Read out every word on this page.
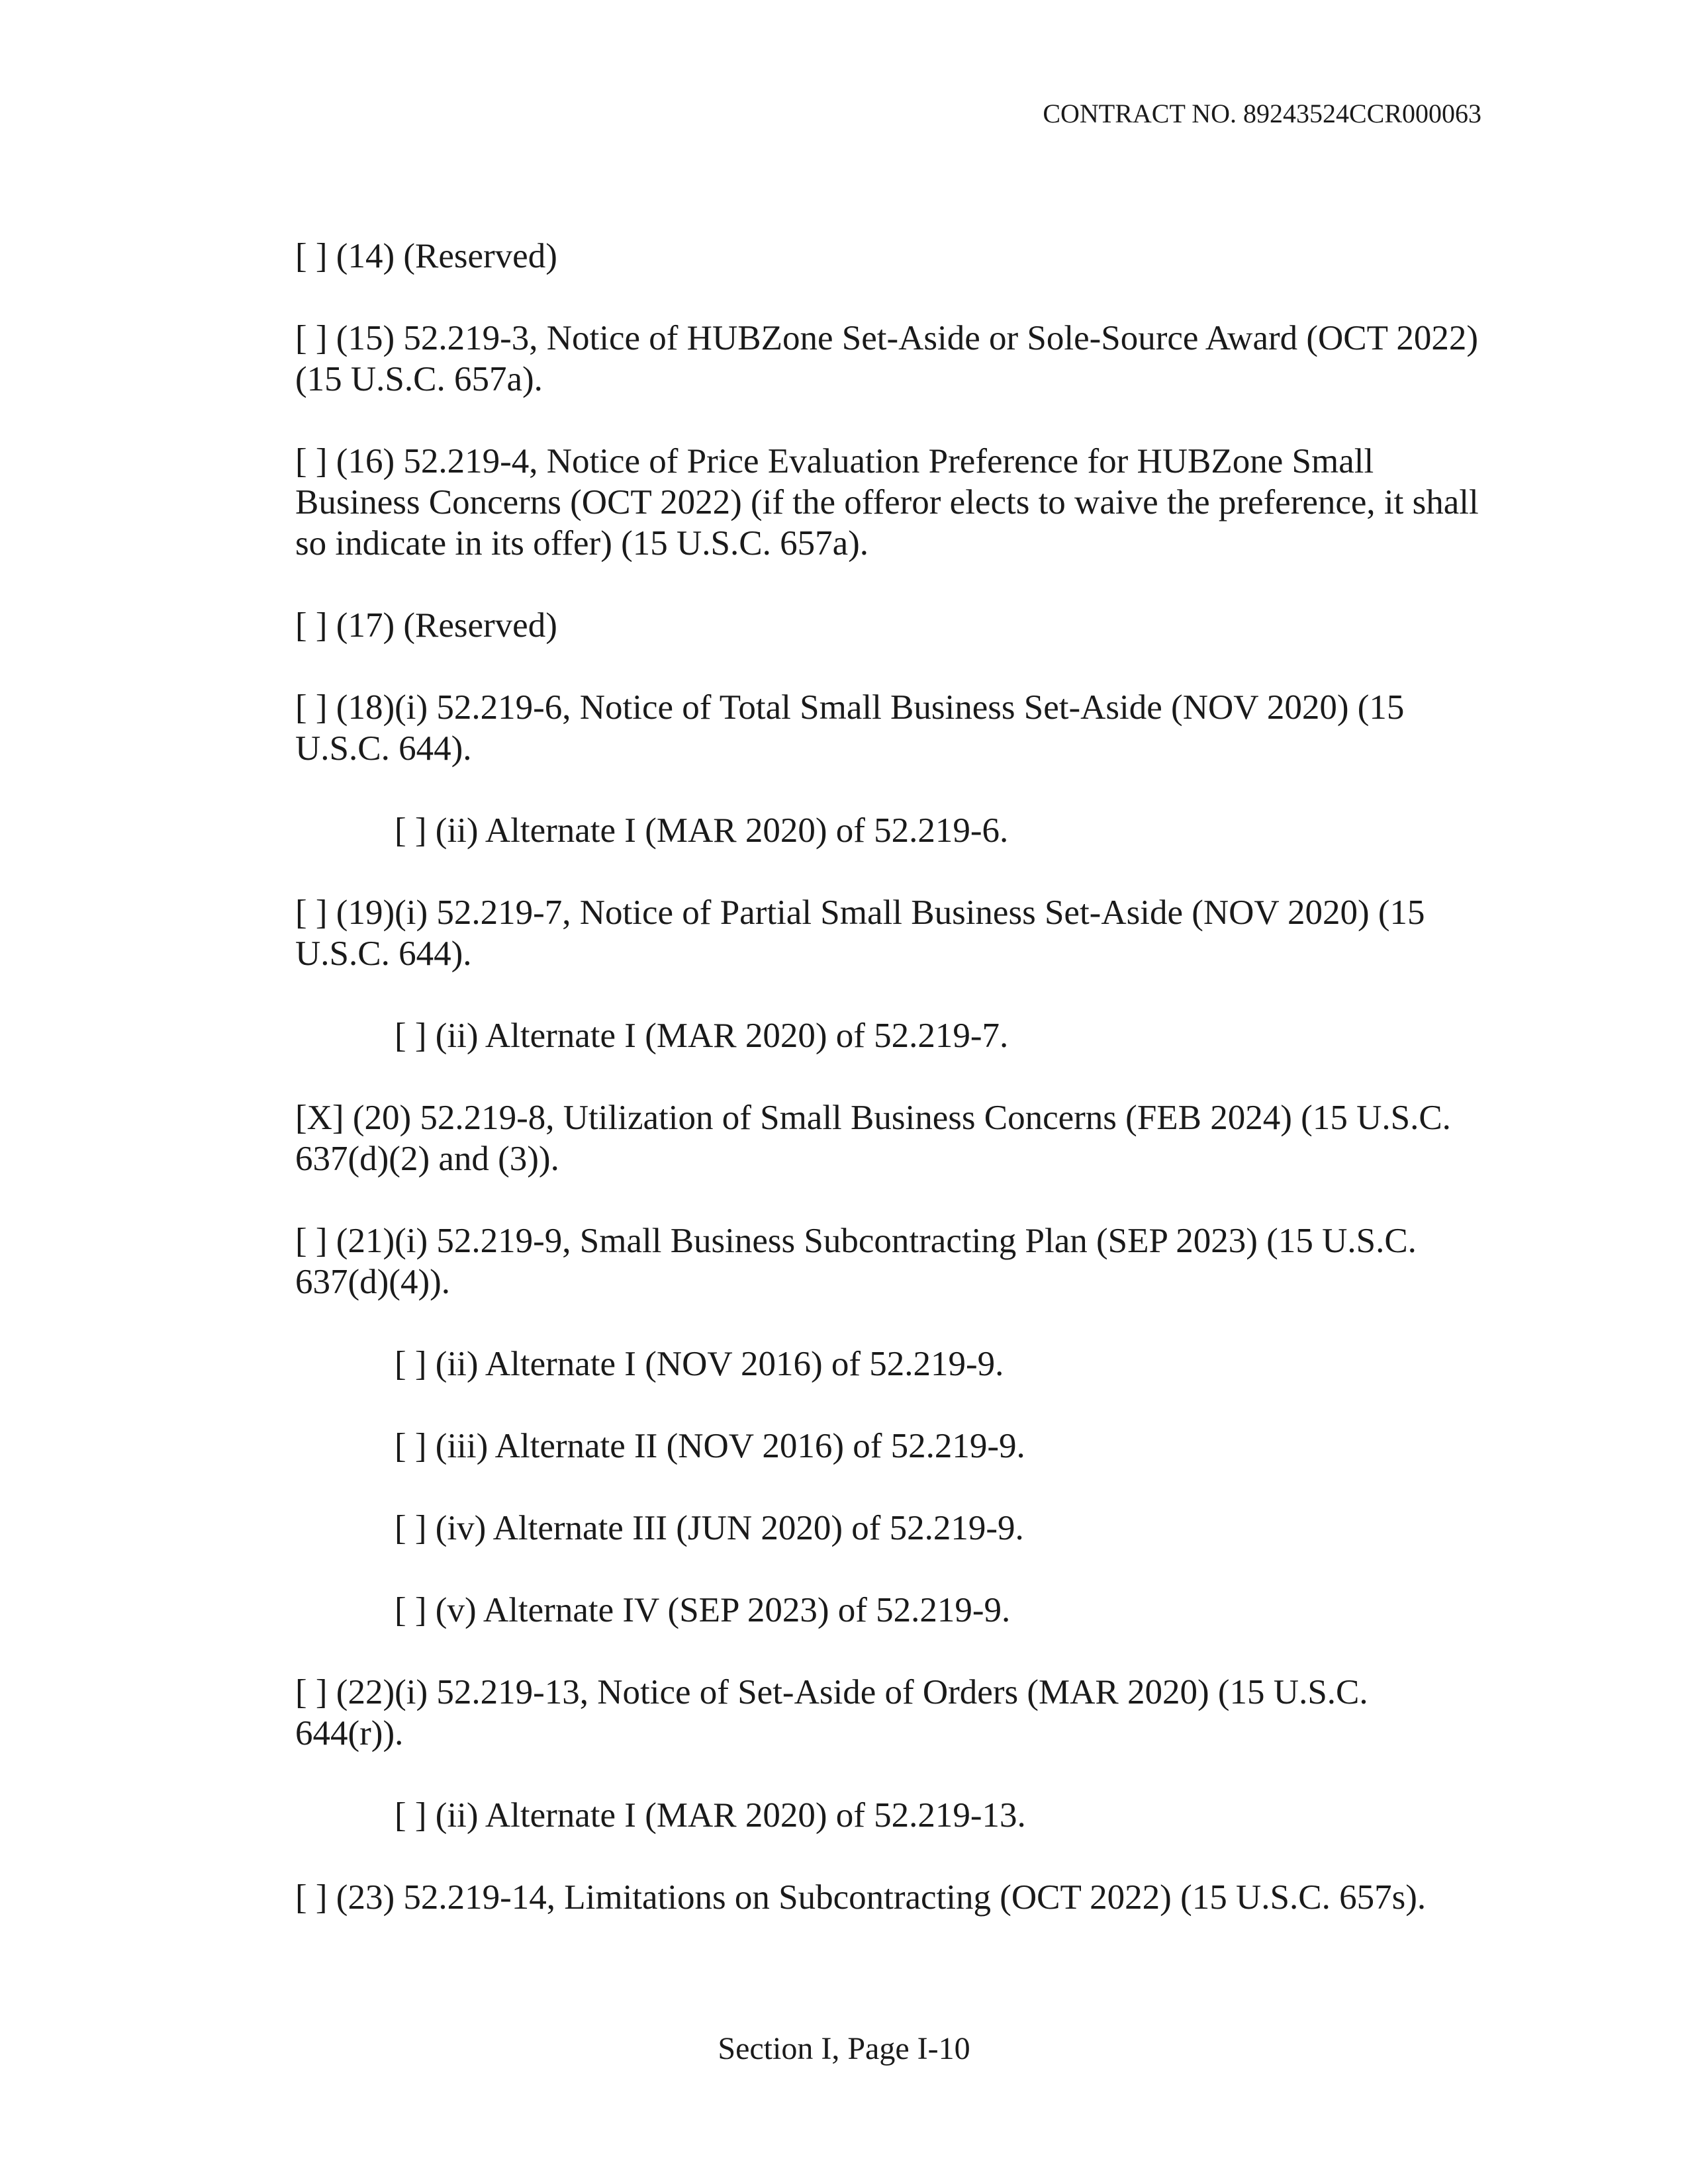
CONTRACT NO. 89243524CCR000063

[ ] (14) (Reserved)

[ ] (15) 52.219-3, Notice of HUBZone Set-Aside or Sole-Source Award (OCT 2022) (15 U.S.C. 657a).

[ ] (16) 52.219-4, Notice of Price Evaluation Preference for HUBZone Small Business Concerns (OCT 2022) (if the offeror elects to waive the preference, it shall so indicate in its offer) (15 U.S.C. 657a).

[ ] (17) (Reserved)

[ ] (18)(i) 52.219-6, Notice of Total Small Business Set-Aside (NOV 2020) (15 U.S.C. 644).

[ ] (ii) Alternate I (MAR 2020) of 52.219-6.

[ ] (19)(i) 52.219-7, Notice of Partial Small Business Set-Aside (NOV 2020) (15 U.S.C. 644).

[ ] (ii) Alternate I (MAR 2020) of 52.219-7.

[X] (20) 52.219-8, Utilization of Small Business Concerns (FEB 2024) (15 U.S.C. 637(d)(2) and (3)).

[ ] (21)(i) 52.219-9, Small Business Subcontracting Plan (SEP 2023) (15 U.S.C. 637(d)(4)).

[ ] (ii) Alternate I (NOV 2016) of 52.219-9.

[ ] (iii) Alternate II (NOV 2016) of 52.219-9.

[ ] (iv) Alternate III (JUN 2020) of 52.219-9.

[ ] (v) Alternate IV (SEP 2023) of 52.219-9.

[ ] (22)(i) 52.219-13, Notice of Set-Aside of Orders (MAR 2020) (15 U.S.C. 644(r)).

[ ] (ii) Alternate I (MAR 2020) of 52.219-13.

[ ] (23) 52.219-14, Limitations on Subcontracting (OCT 2022) (15 U.S.C. 657s).

Section I, Page I-10
